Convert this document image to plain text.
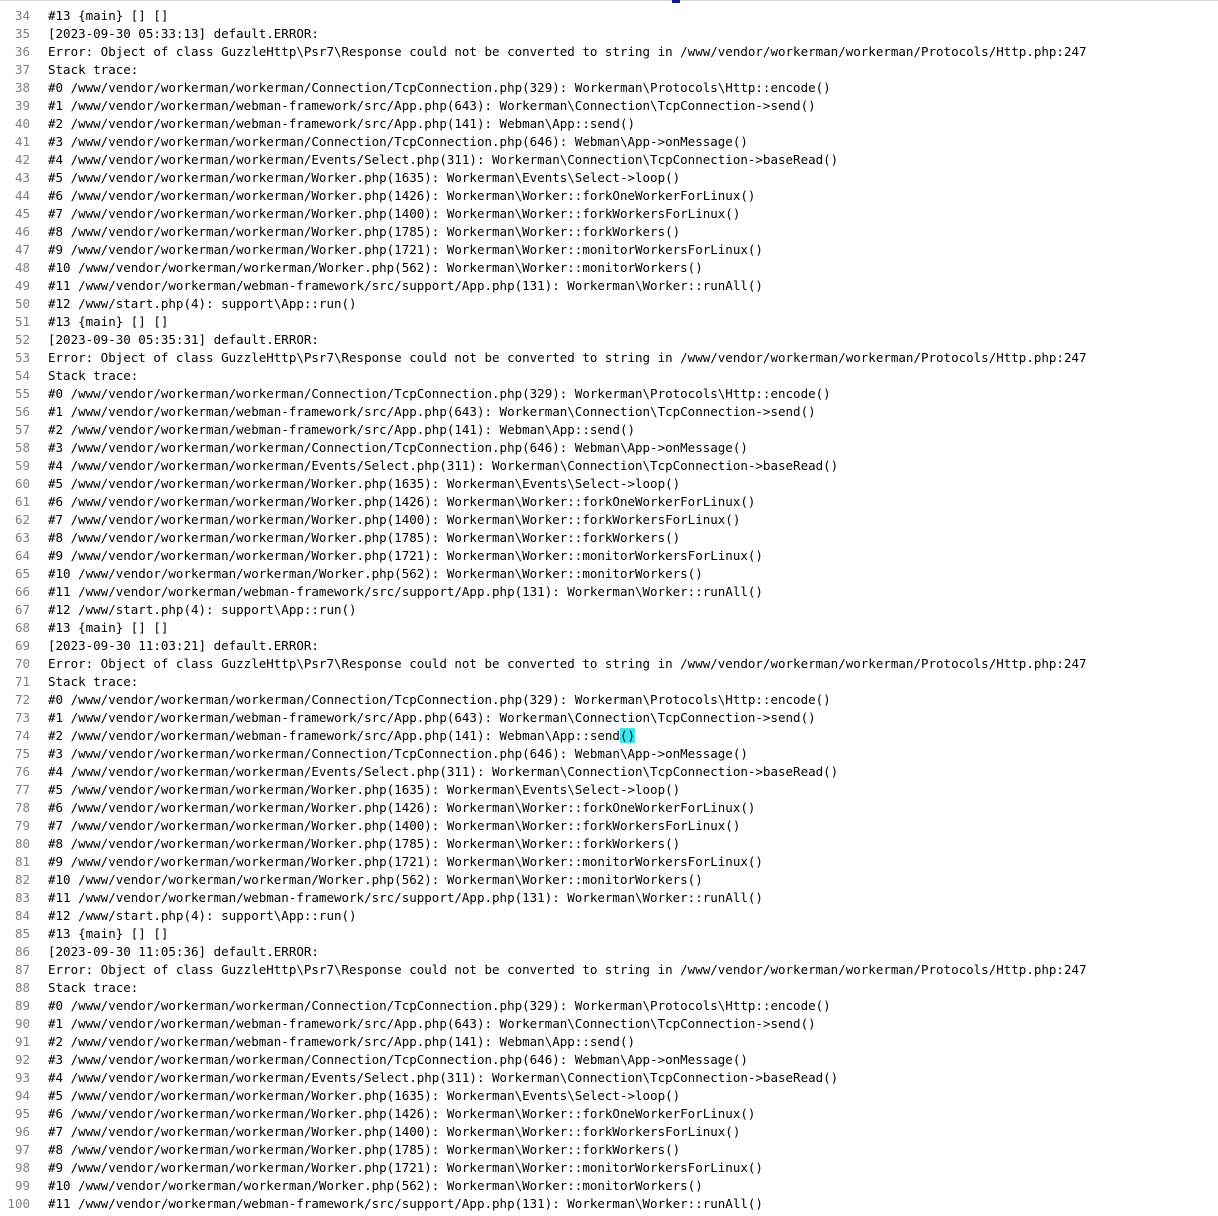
34
35
36
37
38
39
40
41
42
43
44
45
46
47
48
49
50
51
52
53
54
55
56
57
58
59
60
61
62
63
64
65
66
67
68
69
70
71
72
73
74
75
76
77
78
79
80
81
82
83
84
85
86
87
88
89
90
91
92
93
94
95
96
97
98
99
100
#13 {main} [] []
[2023-09-30 05:33:13] default.ERROR:
Error: Object of class GuzzleHttp\Psr7\Response could not be converted to string in /www/vendor/workerman/workerman/Protocols/Http.php:247
Stack trace:
#0 /www/vendor/workerman/workerman/Connection/TcpConnection.php(329): Workerman\Protocols\Http::encode()
#1 /www/vendor/workerman/webman-framework/src/App.php(643): Workerman\Connection\TcpConnection->send()
#2 /www/vendor/workerman/webman-framework/src/App.php(141): Webman\App::send()
#3 /www/vendor/workerman/workerman/Connection/TcpConnection.php(646): Webman\App->onMessage()
#4 /www/vendor/workerman/workerman/Events/Select.php(311): Workerman\Connection\TcpConnection->baseRead()
#5 /www/vendor/workerman/workerman/Worker.php(1635): Workerman\Events\Select->loop()
#6 /www/vendor/workerman/workerman/Worker.php(1426): Workerman\Worker::forkOneWorkerForLinux()
#7 /www/vendor/workerman/workerman/Worker.php(1400): Workerman\Worker::forkWorkersForLinux()
#8 /www/vendor/workerman/workerman/Worker.php(1785): Workerman\Worker::forkWorkers()
#9 /www/vendor/workerman/workerman/Worker.php(1721): Workerman\Worker::monitorWorkersForLinux()
#10 /www/vendor/workerman/workerman/Worker.php(562): Workerman\Worker::monitorWorkers()
#11 /www/vendor/workerman/webman-framework/src/support/App.php(131): Workerman\Worker::runAll()
#12 /www/start.php(4): support\App::run()
#13 {main} [] []
[2023-09-30 05:35:31] default.ERROR:
Error: Object of class GuzzleHttp\Psr7\Response could not be converted to string in /www/vendor/workerman/workerman/Protocols/Http.php:247
Stack trace:
#0 /www/vendor/workerman/workerman/Connection/TcpConnection.php(329): Workerman\Protocols\Http::encode()
#1 /www/vendor/workerman/webman-framework/src/App.php(643): Workerman\Connection\TcpConnection->send()
#2 /www/vendor/workerman/webman-framework/src/App.php(141): Webman\App::send()
#3 /www/vendor/workerman/workerman/Connection/TcpConnection.php(646): Webman\App->onMessage()
#4 /www/vendor/workerman/workerman/Events/Select.php(311): Workerman\Connection\TcpConnection->baseRead()
#5 /www/vendor/workerman/workerman/Worker.php(1635): Workerman\Events\Select->loop()
#6 /www/vendor/workerman/workerman/Worker.php(1426): Workerman\Worker::forkOneWorkerForLinux()
#7 /www/vendor/workerman/workerman/Worker.php(1400): Workerman\Worker::forkWorkersForLinux()
#8 /www/vendor/workerman/workerman/Worker.php(1785): Workerman\Worker::forkWorkers()
#9 /www/vendor/workerman/workerman/Worker.php(1721): Workerman\Worker::monitorWorkersForLinux()
#10 /www/vendor/workerman/workerman/Worker.php(562): Workerman\Worker::monitorWorkers()
#11 /www/vendor/workerman/webman-framework/src/support/App.php(131): Workerman\Worker::runAll()
#12 /www/start.php(4): support\App::run()
#13 {main} [] []
[2023-09-30 11:03:21] default.ERROR:
Error: Object of class GuzzleHttp\Psr7\Response could not be converted to string in /www/vendor/workerman/workerman/Protocols/Http.php:247
Stack trace:
#0 /www/vendor/workerman/workerman/Connection/TcpConnection.php(329): Workerman\Protocols\Http::encode()
#1 /www/vendor/workerman/webman-framework/src/App.php(643): Workerman\Connection\TcpConnection->send()
#2 /www/vendor/workerman/webman-framework/src/App.php(141): Webman\App::send()
#3 /www/vendor/workerman/workerman/Connection/TcpConnection.php(646): Webman\App->onMessage()
#4 /www/vendor/workerman/workerman/Events/Select.php(311): Workerman\Connection\TcpConnection->baseRead()
#5 /www/vendor/workerman/workerman/Worker.php(1635): Workerman\Events\Select->loop()
#6 /www/vendor/workerman/workerman/Worker.php(1426): Workerman\Worker::forkOneWorkerForLinux()
#7 /www/vendor/workerman/workerman/Worker.php(1400): Workerman\Worker::forkWorkersForLinux()
#8 /www/vendor/workerman/workerman/Worker.php(1785): Workerman\Worker::forkWorkers()
#9 /www/vendor/workerman/workerman/Worker.php(1721): Workerman\Worker::monitorWorkersForLinux()
#10 /www/vendor/workerman/workerman/Worker.php(562): Workerman\Worker::monitorWorkers()
#11 /www/vendor/workerman/webman-framework/src/support/App.php(131): Workerman\Worker::runAll()
#12 /www/start.php(4): support\App::run()
#13 {main} [] []
[2023-09-30 11:05:36] default.ERROR:
Error: Object of class GuzzleHttp\Psr7\Response could not be converted to string in /www/vendor/workerman/workerman/Protocols/Http.php:247
Stack trace:
#0 /www/vendor/workerman/workerman/Connection/TcpConnection.php(329): Workerman\Protocols\Http::encode()
#1 /www/vendor/workerman/webman-framework/src/App.php(643): Workerman\Connection\TcpConnection->send()
#2 /www/vendor/workerman/webman-framework/src/App.php(141): Webman\App::send()
#3 /www/vendor/workerman/workerman/Connection/TcpConnection.php(646): Webman\App->onMessage()
#4 /www/vendor/workerman/workerman/Events/Select.php(311): Workerman\Connection\TcpConnection->baseRead()
#5 /www/vendor/workerman/workerman/Worker.php(1635): Workerman\Events\Select->loop()
#6 /www/vendor/workerman/workerman/Worker.php(1426): Workerman\Worker::forkOneWorkerForLinux()
#7 /www/vendor/workerman/workerman/Worker.php(1400): Workerman\Worker::forkWorkersForLinux()
#8 /www/vendor/workerman/workerman/Worker.php(1785): Workerman\Worker::forkWorkers()
#9 /www/vendor/workerman/workerman/Worker.php(1721): Workerman\Worker::monitorWorkersForLinux()
#10 /www/vendor/workerman/workerman/Worker.php(562): Workerman\Worker::monitorWorkers()
#11 /www/vendor/workerman/webman-framework/src/support/App.php(131): Workerman\Worker::runAll()
